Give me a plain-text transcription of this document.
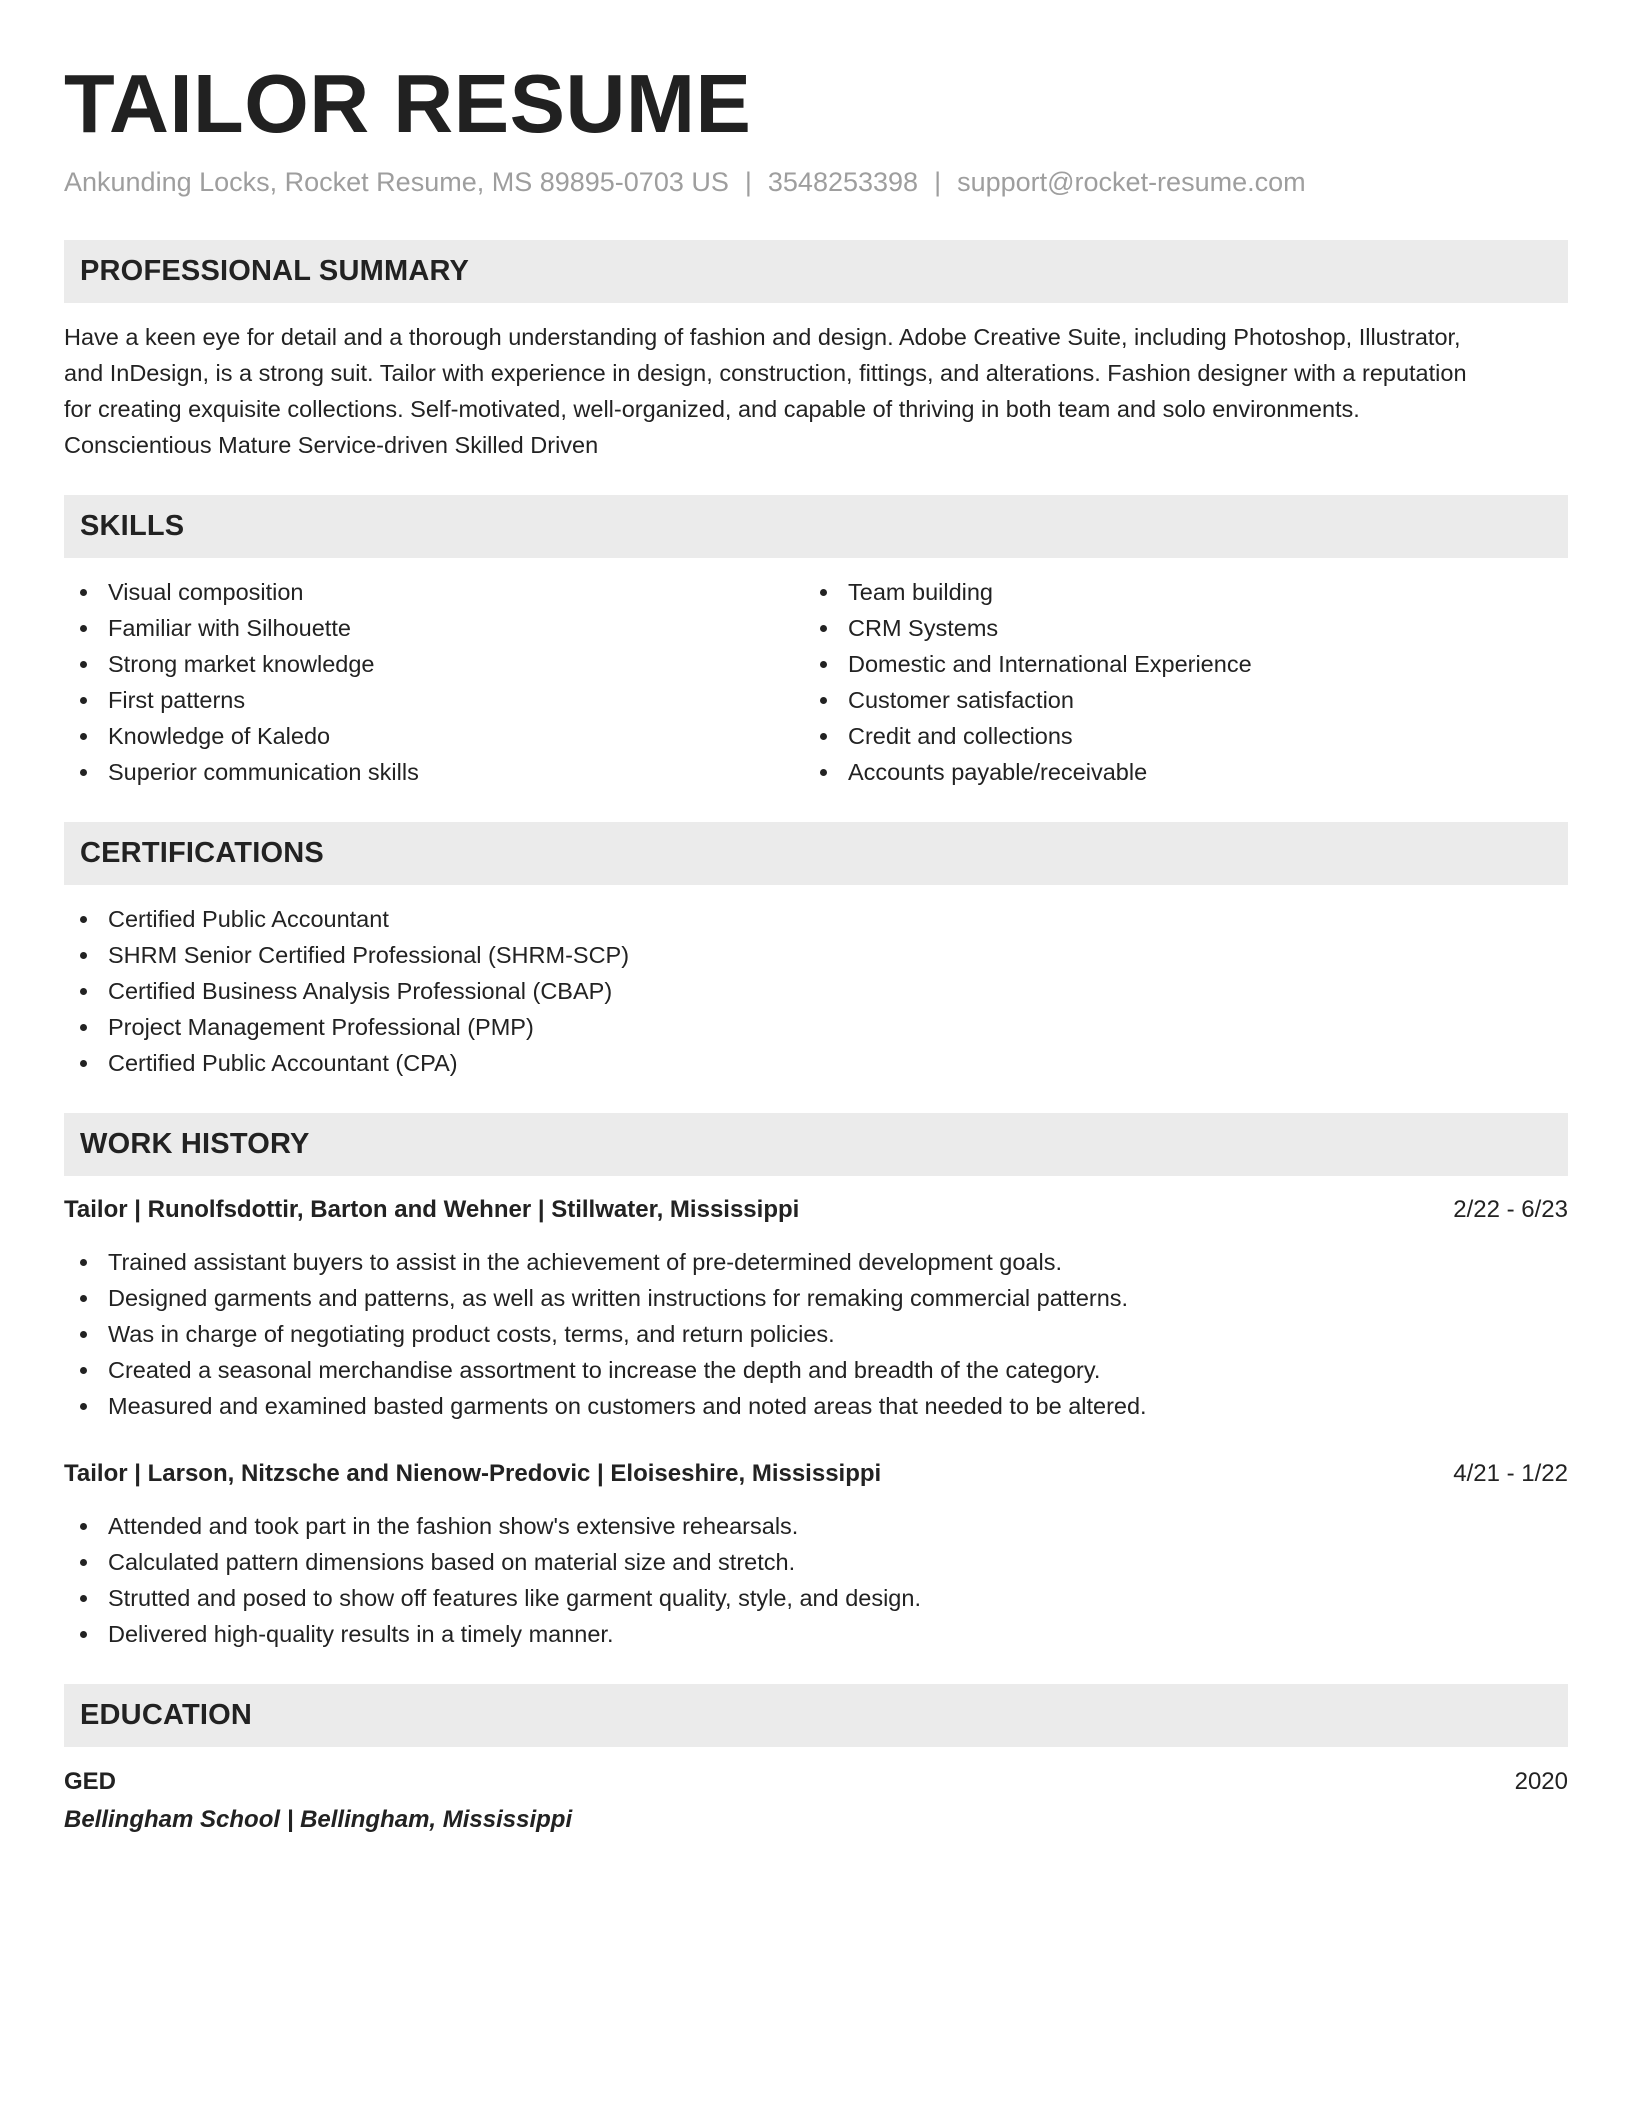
TAILOR RESUME
Ankunding Locks, Rocket Resume, MS 89895-0703 US | 3548253398 | support@rocket-resume.com
PROFESSIONAL SUMMARY
Have a keen eye for detail and a thorough understanding of fashion and design. Adobe Creative Suite, including Photoshop, Illustrator,
and InDesign, is a strong suit. Tailor with experience in design, construction, fittings, and alterations. Fashion designer with a reputation
for creating exquisite collections. Self-motivated, well-organized, and capable of thriving in both team and solo environments.
Conscientious Mature Service-driven Skilled Driven
SKILLS
Visual composition
Familiar with Silhouette
Strong market knowledge
First patterns
Knowledge of Kaledo
Superior communication skills
Team building
CRM Systems
Domestic and International Experience
Customer satisfaction
Credit and collections
Accounts payable/receivable
CERTIFICATIONS
Certified Public Accountant
SHRM Senior Certified Professional (SHRM-SCP)
Certified Business Analysis Professional (CBAP)
Project Management Professional (PMP)
Certified Public Accountant (CPA)
WORK HISTORY
Tailor | Runolfsdottir, Barton and Wehner | Stillwater, Mississippi	2/22 - 6/23
Trained assistant buyers to assist in the achievement of pre-determined development goals.
Designed garments and patterns, as well as written instructions for remaking commercial patterns.
Was in charge of negotiating product costs, terms, and return policies.
Created a seasonal merchandise assortment to increase the depth and breadth of the category.
Measured and examined basted garments on customers and noted areas that needed to be altered.
Tailor | Larson, Nitzsche and Nienow-Predovic | Eloiseshire, Mississippi	4/21 - 1/22
Attended and took part in the fashion show's extensive rehearsals.
Calculated pattern dimensions based on material size and stretch.
Strutted and posed to show off features like garment quality, style, and design.
Delivered high-quality results in a timely manner.
EDUCATION
GED	2020
Bellingham School | Bellingham, Mississippi
